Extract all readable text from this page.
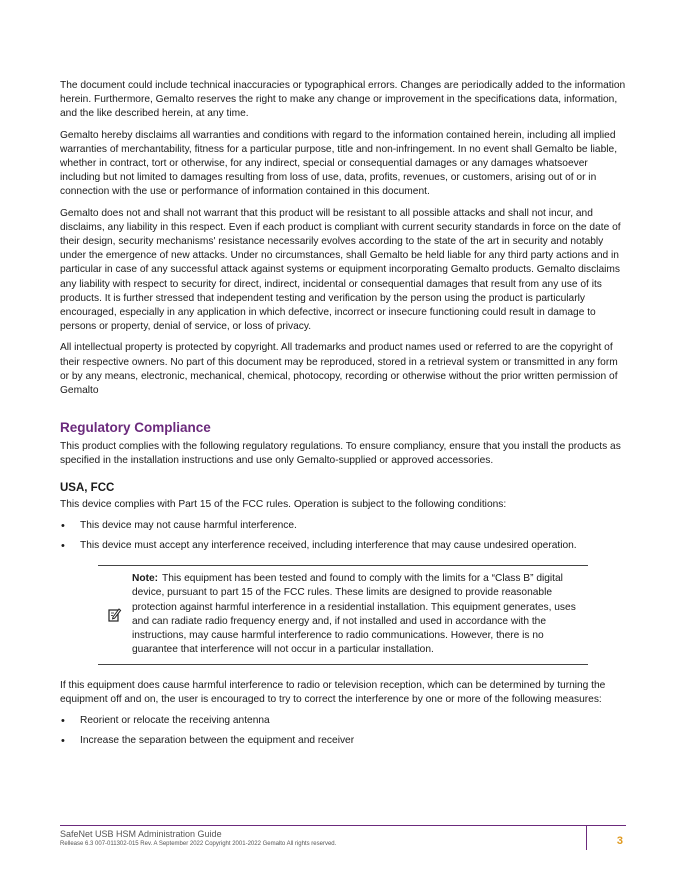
The document could include technical inaccuracies or typographical errors. Changes are periodically added to the information herein. Furthermore, Gemalto reserves the right to make any change or improvement in the specifications data, information, and the like described herein, at any time.

Gemalto hereby disclaims all warranties and conditions with regard to the information contained herein, including all implied warranties of merchantability, fitness for a particular purpose, title and non-infringement. In no event shall Gemalto be liable, whether in contract, tort or otherwise, for any indirect, special or consequential damages or any damages whatsoever including but not limited to damages resulting from loss of use, data, profits, revenues, or customers, arising out of or in connection with the use or performance of information contained in this document.

Gemalto does not and shall not warrant that this product will be resistant to all possible attacks and shall not incur, and disclaims, any liability in this respect. Even if each product is compliant with current security standards in force on the date of their design, security mechanisms' resistance necessarily evolves according to the state of the art in security and notably under the emergence of new attacks. Under no circumstances, shall Gemalto be held liable for any third party actions and in particular in case of any successful attack against systems or equipment incorporating Gemalto products. Gemalto disclaims any liability with respect to security for direct, indirect, incidental or consequential damages that result from any use of its products. It is further stressed that independent testing and verification by the person using the product is particularly encouraged, especially in any application in which defective, incorrect or insecure functioning could result in damage to persons or property, denial of service, or loss of privacy.

All intellectual property is protected by copyright. All trademarks and product names used or referred to are the copyright of their respective owners. No part of this document may be reproduced, stored in a retrieval system or transmitted in any form or by any means, electronic, mechanical, chemical, photocopy, recording or otherwise without the prior written permission of Gemalto

Regulatory Compliance

This product complies with the following regulatory regulations. To ensure compliancy, ensure that you install the products as specified in the installation instructions and use only Gemalto-supplied or approved accessories.

USA, FCC

This device complies with Part 15 of the FCC rules. Operation is subject to the following conditions:

• This device may not cause harmful interference.
• This device must accept any interference received, including interference that may cause undesired operation.
Note: This equipment has been tested and found to comply with the limits for a “Class B” digital device, pursuant to part 15 of the FCC rules. These limits are designed to provide reasonable protection against harmful interference in a residential installation. This equipment generates, uses and can radiate radio frequency energy and, if not installed and used in accordance with the instructions, may cause harmful interference to radio communications. However, there is no guarantee that interference will not occur in a particular installation.

If this equipment does cause harmful interference to radio or television reception, which can be determined by turning the equipment off and on, the user is encouraged to try to correct the interference by one or more of the following measures:

• Reorient or relocate the receiving antenna
• Increase the separation between the equipment and receiver
SafeNet USB HSM Administration Guide
Rellease 6.3 007-011302-015 Rev. A September 2022 Copyright 2001-2022 Gemalto All rights reserved.	3
